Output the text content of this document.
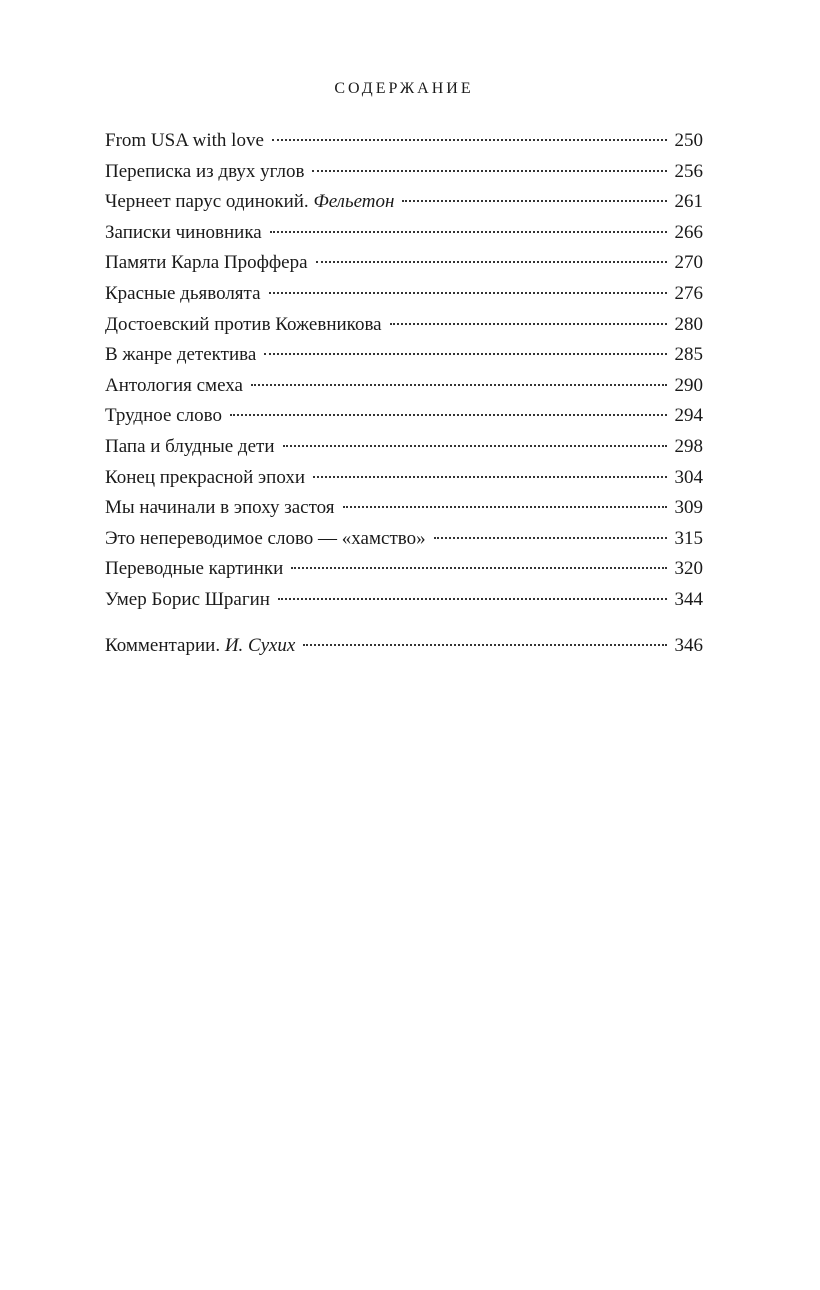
СОДЕРЖАНИЕ
From USA with love	250
Переписка из двух углов	256
Чернеет парус одинокий. Фельетон	261
Записки чиновника	266
Памяти Карла Проффера	270
Красные дьяволята	276
Достоевский против Кожевникова	280
В жанре детектива	285
Антология смеха	290
Трудное слово	294
Папа и блудные дети	298
Конец прекрасной эпохи	304
Мы начинали в эпоху застоя	309
Это непереводимое слово — «хамство»	315
Переводные картинки	320
Умер Борис Шрагин	344
Комментарии. И. Сухих	346
